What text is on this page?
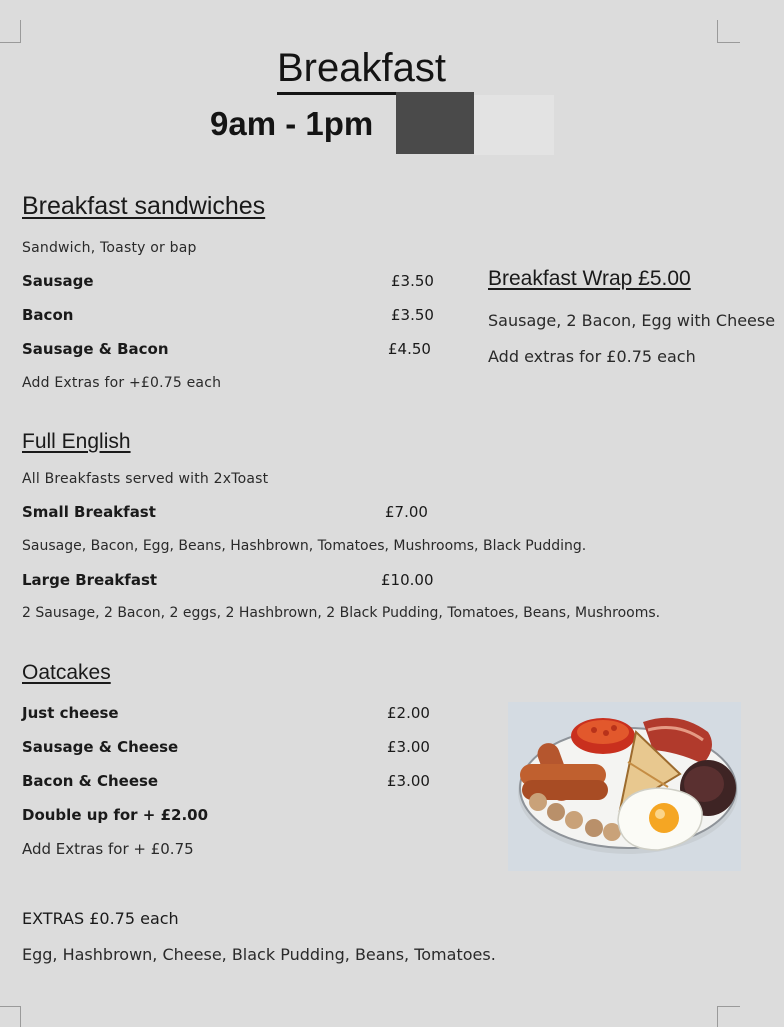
Breakfast
9am - 1pm
Breakfast sandwiches
Sandwich, Toasty or bap
Sausage	£3.50
Bacon	£3.50
Sausage & Bacon	£4.50
Add Extras for +£0.75 each
Breakfast Wrap £5.00
Sausage, 2 Bacon, Egg with Cheese
Add extras for £0.75 each
Full English
All Breakfasts served with 2xToast
Small Breakfast	£7.00
Sausage, Bacon, Egg, Beans, Hashbrown, Tomatoes, Mushrooms, Black Pudding.
Large Breakfast	£10.00
2 Sausage, 2 Bacon, 2 eggs, 2 Hashbrown, 2 Black Pudding, Tomatoes, Beans, Mushrooms.
Oatcakes
Just cheese	£2.00
Sausage & Cheese	£3.00
Bacon & Cheese	£3.00
Double up for + £2.00
Add Extras for + £0.75
EXTRAS £0.75 each
Egg, Hashbrown, Cheese, Black Pudding, Beans, Tomatoes.
